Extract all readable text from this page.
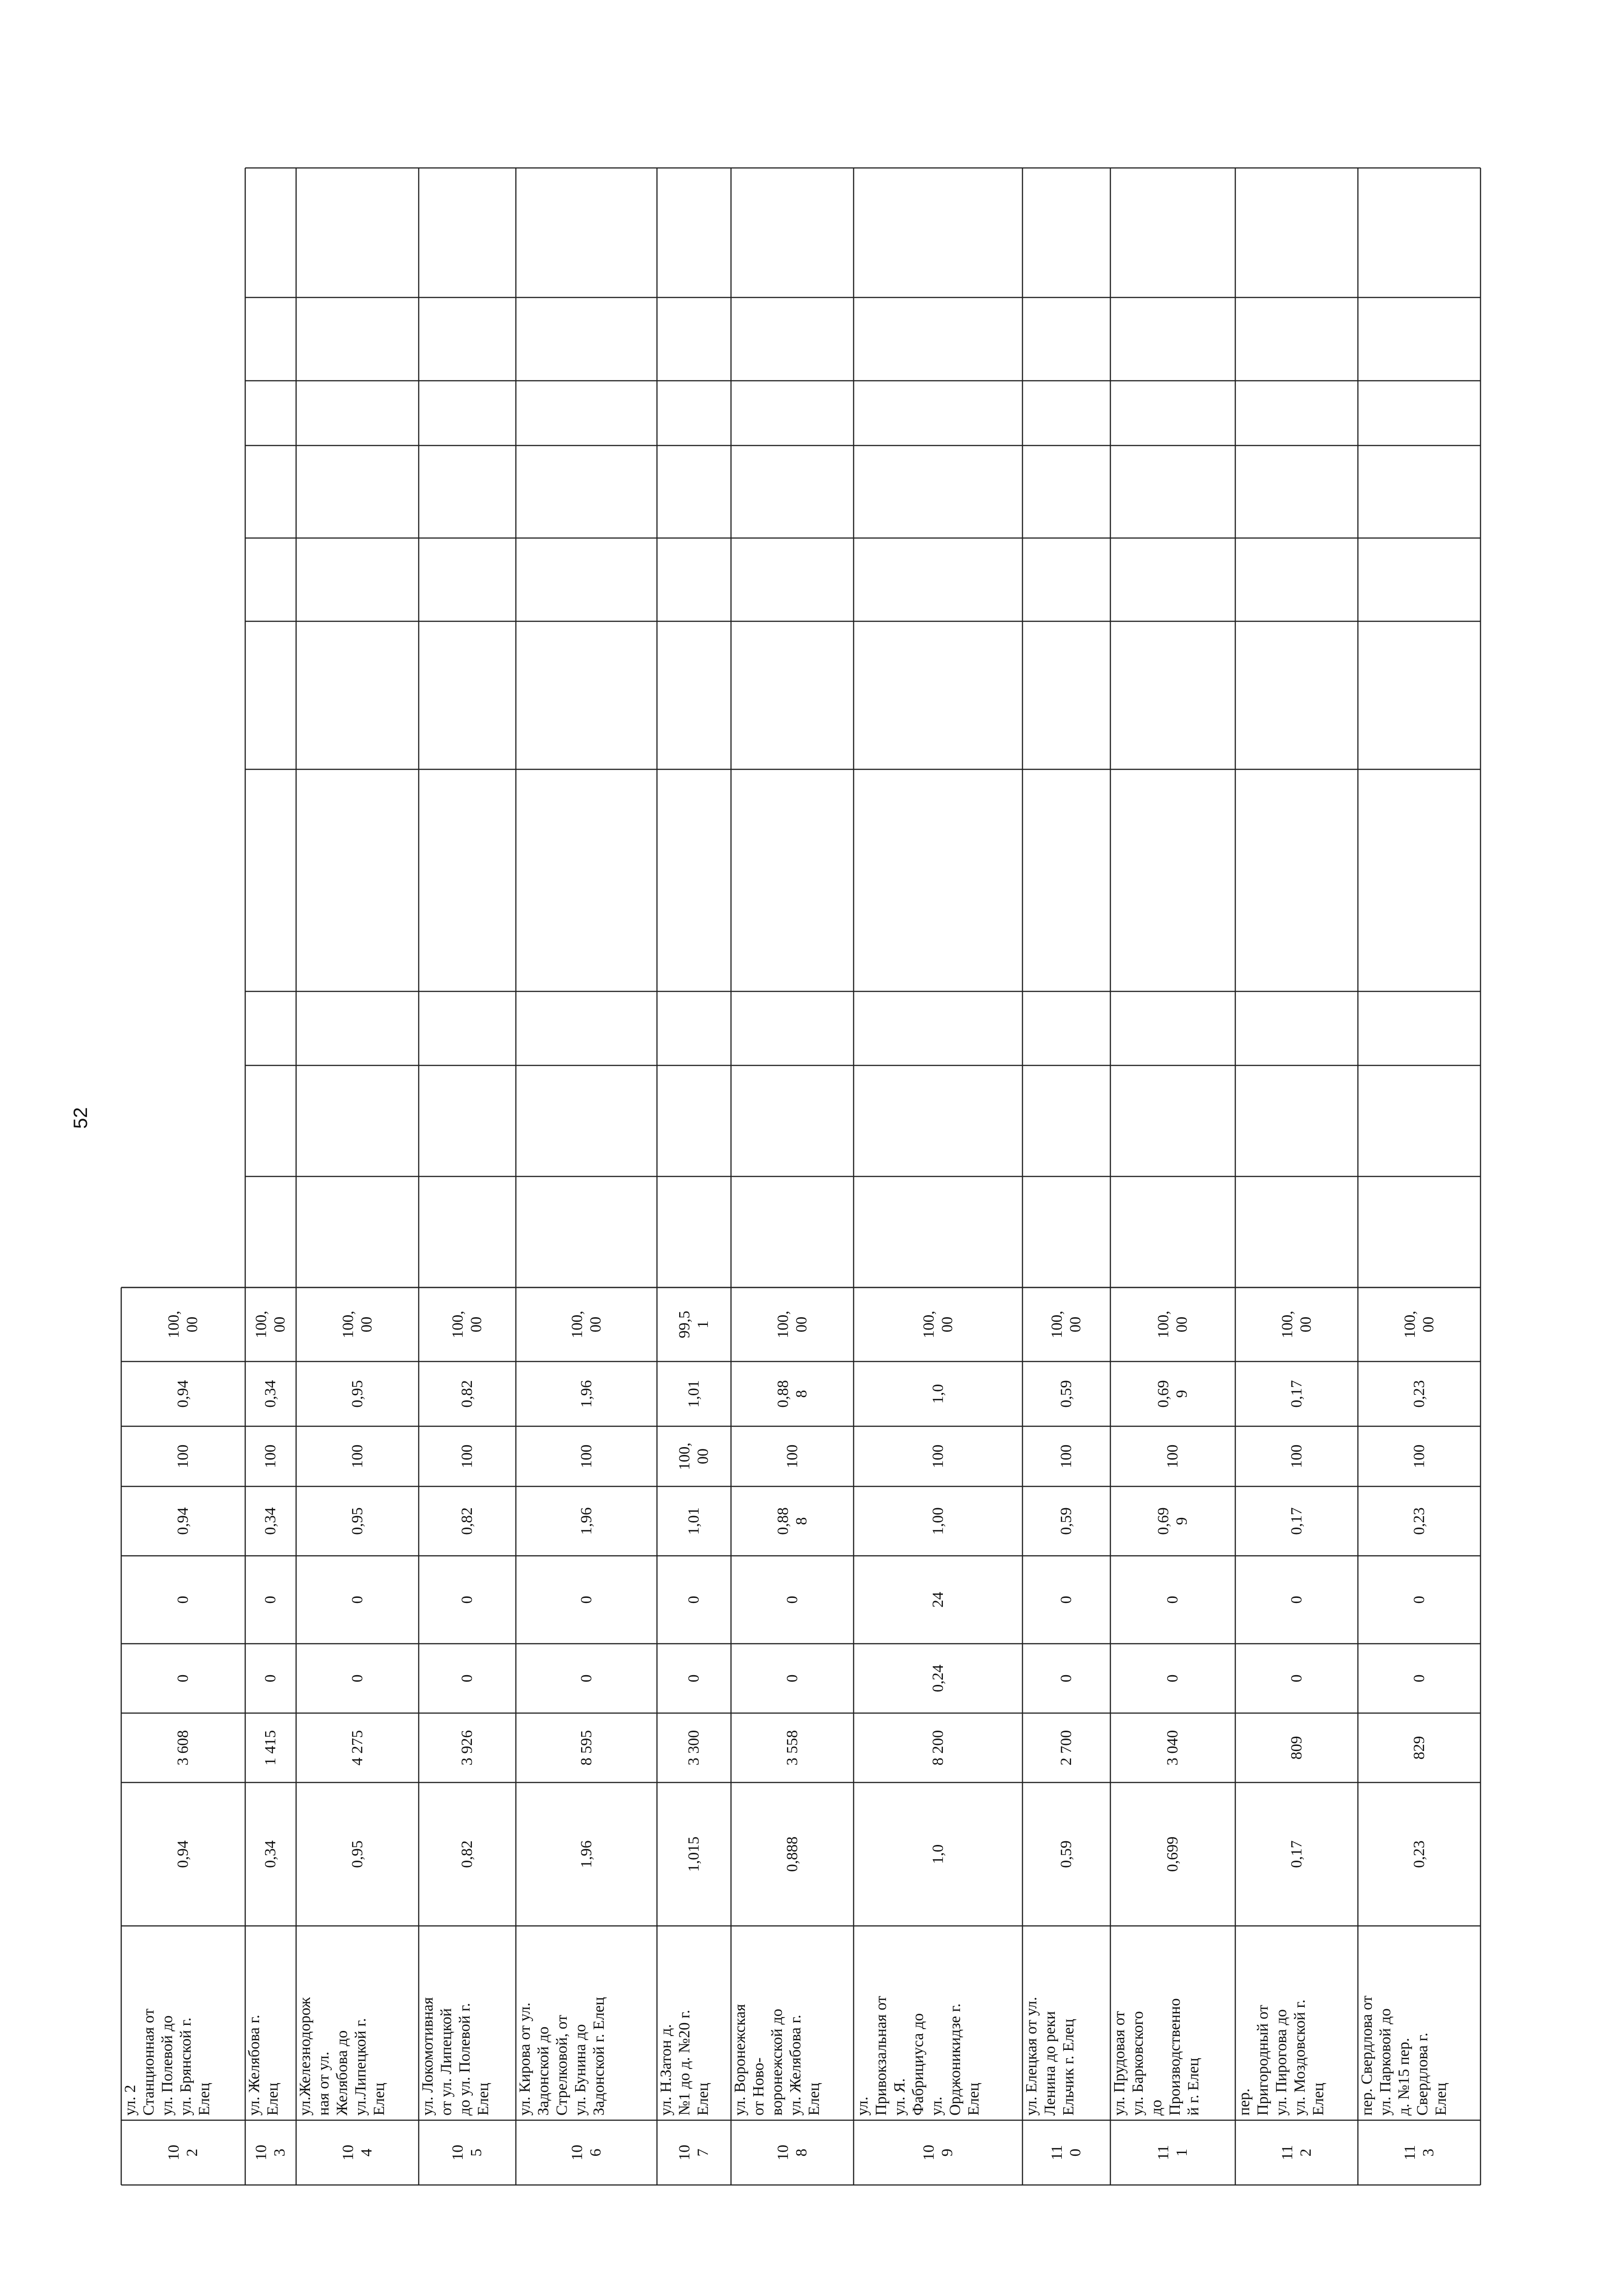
52
10
2
ул. 2
Станционная от
ул. Полевой до
ул. Брянской г.
Елец
0,94
3 608
0
0
0,94
100
0,94
100,
00
10
3
ул. Желябова г.
Елец
0,34
1 415
0
0
0,34
100
0,34
100,
00
10
4
ул.Железнодорож
ная от ул.
Желябова до
ул.Липецкой г.
Елец
0,95
4 275
0
0
0,95
100
0,95
100,
00
10
5
ул. Локомотивная
от ул. Липецкой
до ул. Полевой г.
Елец
0,82
3 926
0
0
0,82
100
0,82
100,
00
10
6
ул. Кирова от ул.
Задонской до
Стрелковой, от
ул. Бунина до
Задонской г. Елец
1,96
8 595
0
0
1,96
100
1,96
100,
00
10
7
ул. Н.Затон д.
№1 до д. №20 г.
Елец
1,015
3 300
0
0
1,01
100,
00
1,01
99,5
1
10
8
ул. Воронежская
от Ново-
воронежской до
ул. Желябова г.
Елец
0,888
3 558
0
0
0,88
8
100
0,88
8
100,
00
10
9
ул.
Привокзальная от
ул. Я.
Фабрициуса до
ул.
Орджоникидзе г.
Елец
1,0
8 200
0,24
24
1,00
100
1,0
100,
00
11
0
ул. Елецкая от ул.
Ленина до реки
Ельчик г. Елец
0,59
2 700
0
0
0,59
100
0,59
100,
00
11
1
ул. Прудовая от
ул. Барковского
до
Производственно
й г. Елец
0,699
3 040
0
0
0,69
9
100
0,69
9
100,
00
11
2
пер.
Пригородный от
ул. Пирогова до
ул. Моздовской г.
Елец
0,17
809
0
0
0,17
100
0,17
100,
00
11
3
пер. Свердлова от
ул. Парковой до
д. №15 пер.
Свердлова г.
Елец
0,23
829
0
0
0,23
100
0,23
100,
00
